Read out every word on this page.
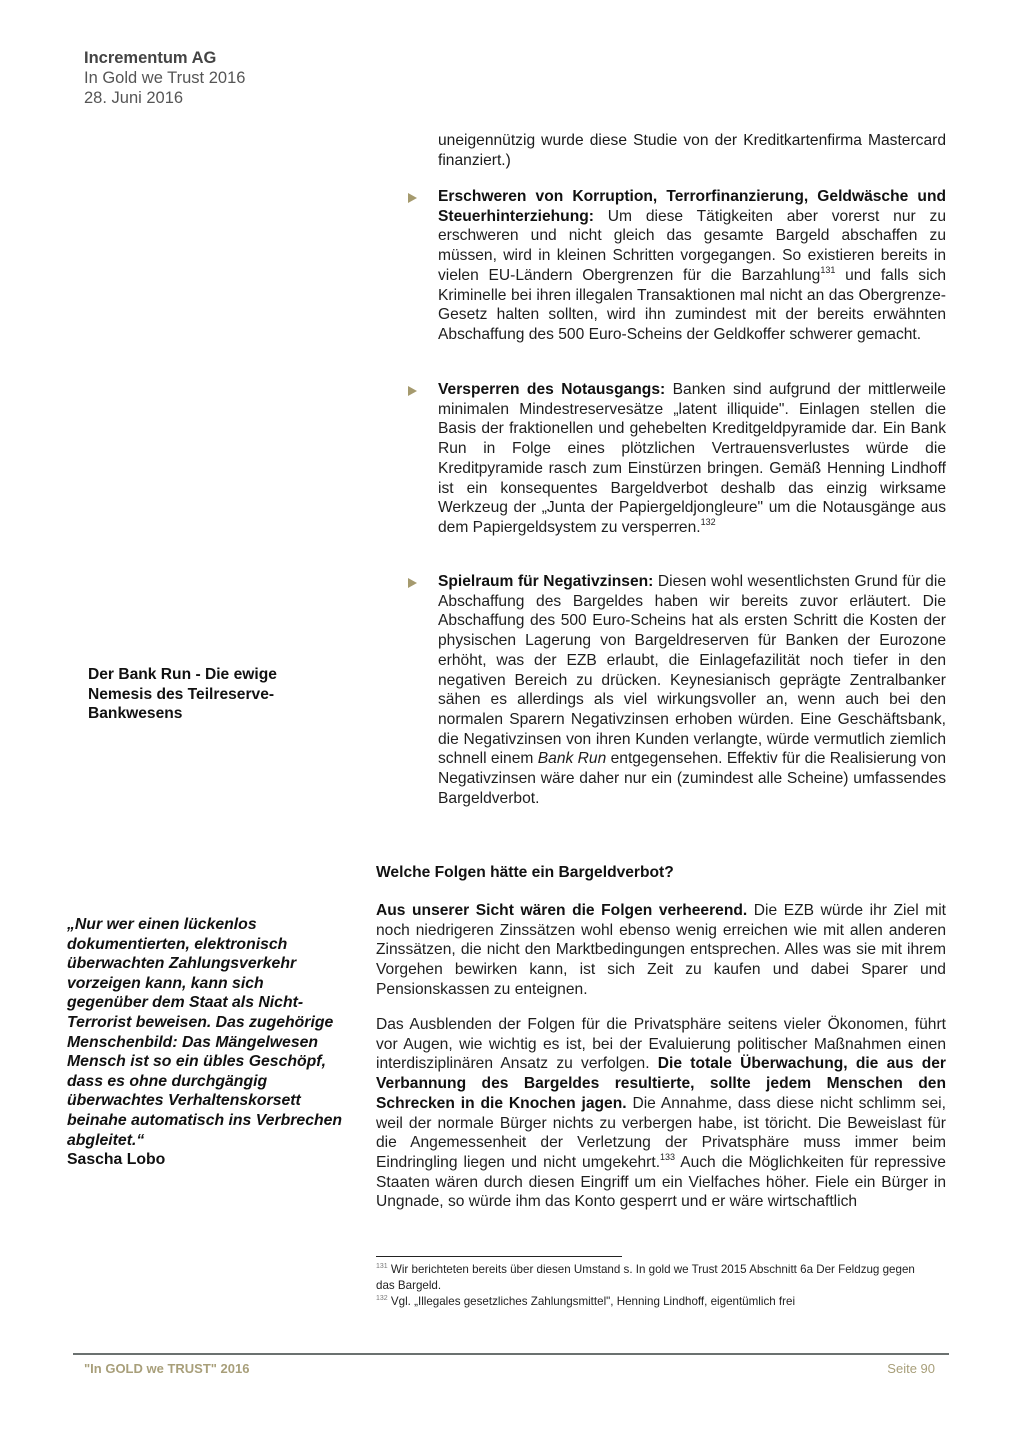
Incrementum AG
In Gold we Trust 2016
28. Juni 2016
uneigennützig wurde diese Studie von der Kreditkartenfirma Mastercard finanziert.)

Erschweren von Korruption, Terrorfinanzierung, Geldwäsche und Steuerhinterziehung: Um diese Tätigkeiten aber vorerst nur zu erschweren und nicht gleich das gesamte Bargeld abschaffen zu müssen, wird in kleinen Schritten vorgegangen. So existieren bereits in vielen EU-Ländern Obergrenzen für die Barzahlung$^{131}$ und falls sich Kriminelle bei ihren illegalen Transaktionen mal nicht an das Obergrenze-Gesetz halten sollten, wird ihn zumindest mit der bereits erwähnten Abschaffung des 500 Euro-Scheins der Geldkoffer schwerer gemacht.

Versperren des Notausgangs: Banken sind aufgrund der mittlerweile minimalen Mindestreservesätze „latent illiquide". Einlagen stellen die Basis der fraktionellen und gehebelten Kreditgeldpyramide dar. Ein Bank Run in Folge eines plötzlichen Vertrauensverlustes würde die Kreditpyramide rasch zum Einstürzen bringen. Gemäß Henning Lindhoff ist ein konsequentes Bargeldverbot deshalb das einzig wirksame Werkzeug der „Junta der Papiergeldjongleure" um die Notausgänge aus dem Papiergeldsystem zu versperren.$^{132}$

Spielraum für Negativzinsen: Diesen wohl wesentlichsten Grund für die Abschaffung des Bargeldes haben wir bereits zuvor erläutert. Die Abschaffung des 500 Euro-Scheins hat als ersten Schritt die Kosten der physischen Lagerung von Bargeldreserven für Banken der Eurozone erhöht, was der EZB erlaubt, die Einlagefazilität noch tiefer in den negativen Bereich zu drücken. Keynesianisch geprägte Zentralbanker sähen es allerdings als viel wirkungsvoller an, wenn auch bei den normalen Sparern Negativzinsen erhoben würden. Eine Geschäftsbank, die Negativzinsen von ihren Kunden verlangte, würde vermutlich ziemlich schnell einem Bank Run entgegensehen. Effektiv für die Realisierung von Negativzinsen wäre daher nur ein (zumindest alle Scheine) umfassendes Bargeldverbot.

Der Bank Run - Die ewige Nemesis des Teilreserve-Bankwesens
„Nur wer einen lückenlos dokumentierten, elektronisch überwachten Zahlungsverkehr vorzeigen kann, kann sich gegenüber dem Staat als Nicht-Terrorist beweisen. Das zugehörige Menschenbild: Das Mängelwesen Mensch ist so ein übles Geschöpf, dass es ohne durchgängig überwachtes Verhaltenskorsett beinahe automatisch ins Verbrechen abgleitet.“
Sascha Lobo
Welche Folgen hätte ein Bargeldverbot?

Aus unserer Sicht wären die Folgen verheerend. Die EZB würde ihr Ziel mit noch niedrigeren Zinssätzen wohl ebenso wenig erreichen wie mit allen anderen Zinssätzen, die nicht den Marktbedingungen entsprechen. Alles was sie mit ihrem Vorgehen bewirken kann, ist sich Zeit zu kaufen und dabei Sparer und Pensionskassen zu enteignen.

Das Ausblenden der Folgen für die Privatsphäre seitens vieler Ökonomen, führt vor Augen, wie wichtig es ist, bei der Evaluierung politischer Maßnahmen einen interdisziplinären Ansatz zu verfolgen. Die totale Überwachung, die aus der Verbannung des Bargeldes resultierte, sollte jedem Menschen den Schrecken in die Knochen jagen. Die Annahme, dass diese nicht schlimm sei, weil der normale Bürger nichts zu verbergen habe, ist töricht. Die Beweislast für die Angemessenheit der Verletzung der Privatsphäre muss immer beim Eindringling liegen und nicht umgekehrt.$^{133}$ Auch die Möglichkeiten für repressive Staaten wären durch diesen Eingriff um ein Vielfaches höher. Fiele ein Bürger in Ungnade, so würde ihm das Konto gesperrt und er wäre wirtschaftlich

$^{131}$ Wir berichteten bereits über diesen Umstand s. In gold we Trust 2015 Abschnitt 6a Der Feldzug gegen das Bargeld.
$^{132}$ Vgl. „Illegales gesetzliches Zahlungsmittel", Henning Lindhoff, eigentümlich frei
"In GOLD we TRUST" 2016	Seite 90
